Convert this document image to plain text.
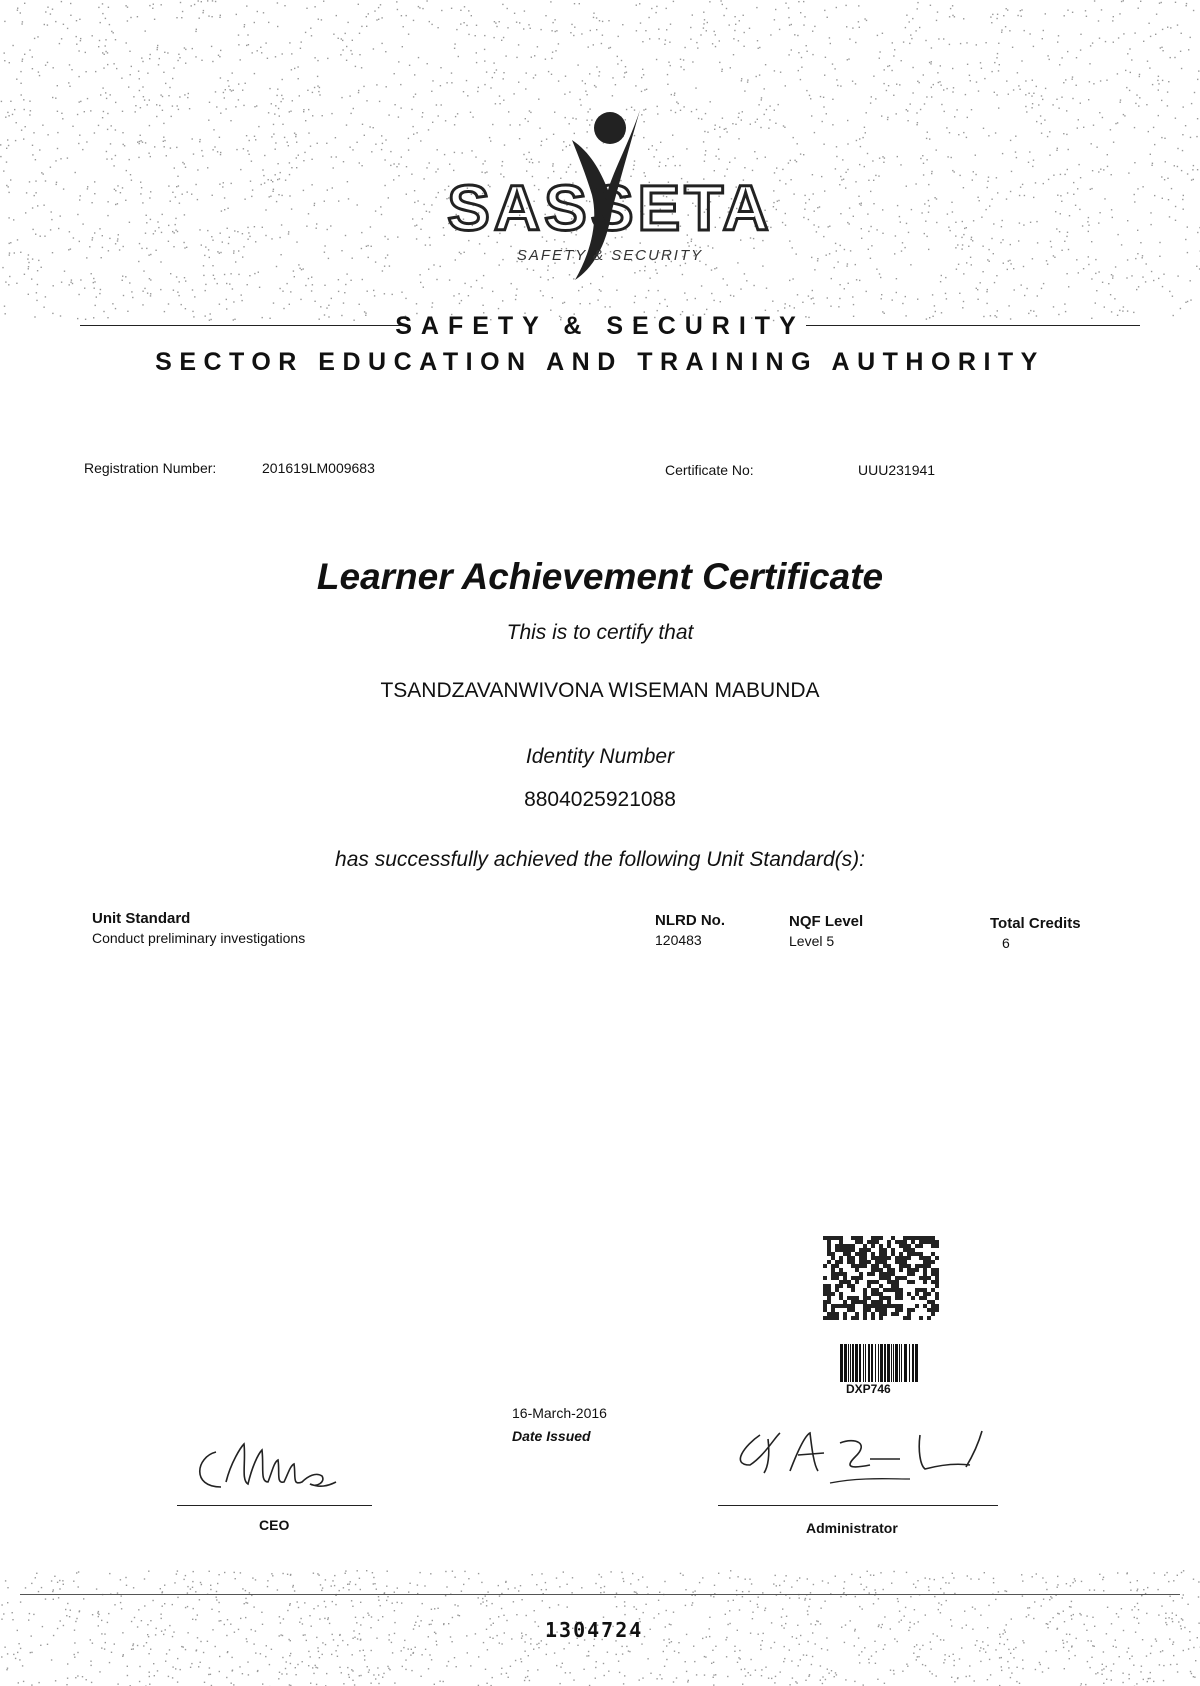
SASSETA
SAFETY & SECURITY
SAFETY & SECURITY
SECTOR EDUCATION AND TRAINING AUTHORITY
Registration Number:	201619LM009683	Certificate No:	UUU231941
Learner Achievement Certificate
This is to certify that
TSANDZAVANWIVONA WISEMAN MABUNDA
Identity Number
8804025921088
has successfully achieved the following Unit Standard(s):
Unit Standard	NLRD No.	NQF Level	Total Credits
Conduct preliminary investigations	120483	Level 5	6
DXP746
16-March-2016
Date Issued
CEO	Administrator
1304724
